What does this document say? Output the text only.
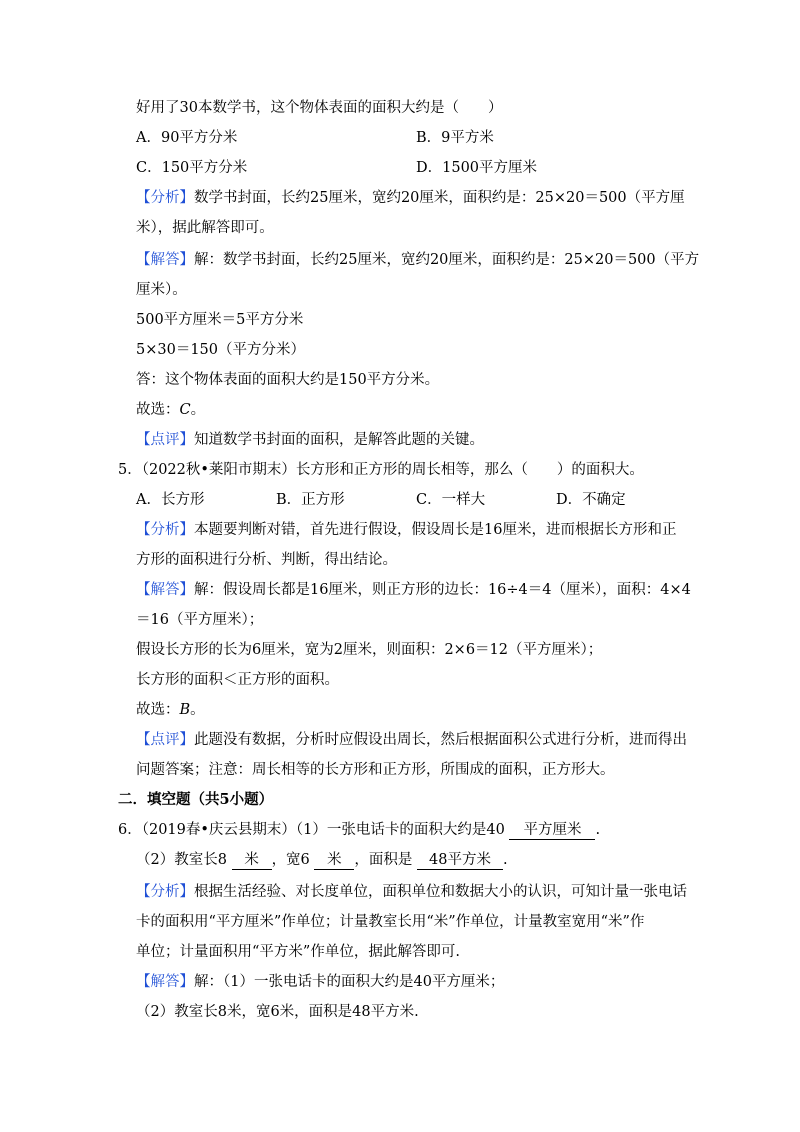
好用了30本数学书，这个物体表面的面积大约是（　　）
A．90平方分米	B．9平方米
C．150平方分米	D．1500平方厘米
【 分析 】 数学书封面，长约25厘米，宽约20厘米，面积约是：25×20＝500（平方厘
米），据此解答即可。
【 解答 】 解：数学书封面，长约25厘米，宽约20厘米，面积约是：25×20＝500（平方
厘米）。
500平方厘米＝5平方分米
5×30＝150（平方分米）
答：这个物体表面的面积大约是150平方分米。
故选：C。
【 点评 】 知道数学书封面的面积，是解答此题的关键。
5．（2022秋•莱阳市期末）长方形和正方形的周长相等，那么（　　）的面积大。
A．长方形	B．正方形	C．一样大	D．不确定
【 分析 】 本题要判断对错，首先进行假设，假设周长是16厘米，进而根据长方形和正
方形的面积进行分析、判断，得出结论。
【 解答 】 解：假设周长都是16厘米，则正方形的边长：16÷4＝4（厘米），面积：4×4
＝16（平方厘米）；
假设长方形的长为6厘米，宽为2厘米，则面积：2×6＝12（平方厘米）；
长方形的面积＜正方形的面积。
故选：B。
【 点评 】 此题没有数据，分析时应假设出周长，然后根据面积公式进行分析，进而得出
问题答案；注意：周长相等的长方形和正方形，所围成的面积，正方形大。
二．填空题（共5小题）
6．（2019春•庆云县期末）（1）一张电话卡的面积大约是40 平方厘米 .
（2）教室长8 米 ，宽6 米 ，面积是 48平方米 .
【 分析 】 根据生活经验、对长度单位，面积单位和数据大小的认识，可知计量一张电话
卡的面积用“平方厘米”作单位；计量教室长用“米”作单位，计量教室宽用“米”作
单位；计量面积用“平方米”作单位，据此解答即可.
【 解答 】 解：（1）一张电话卡的面积大约是40平方厘米；
（2）教室长8米，宽6米，面积是48平方米.
